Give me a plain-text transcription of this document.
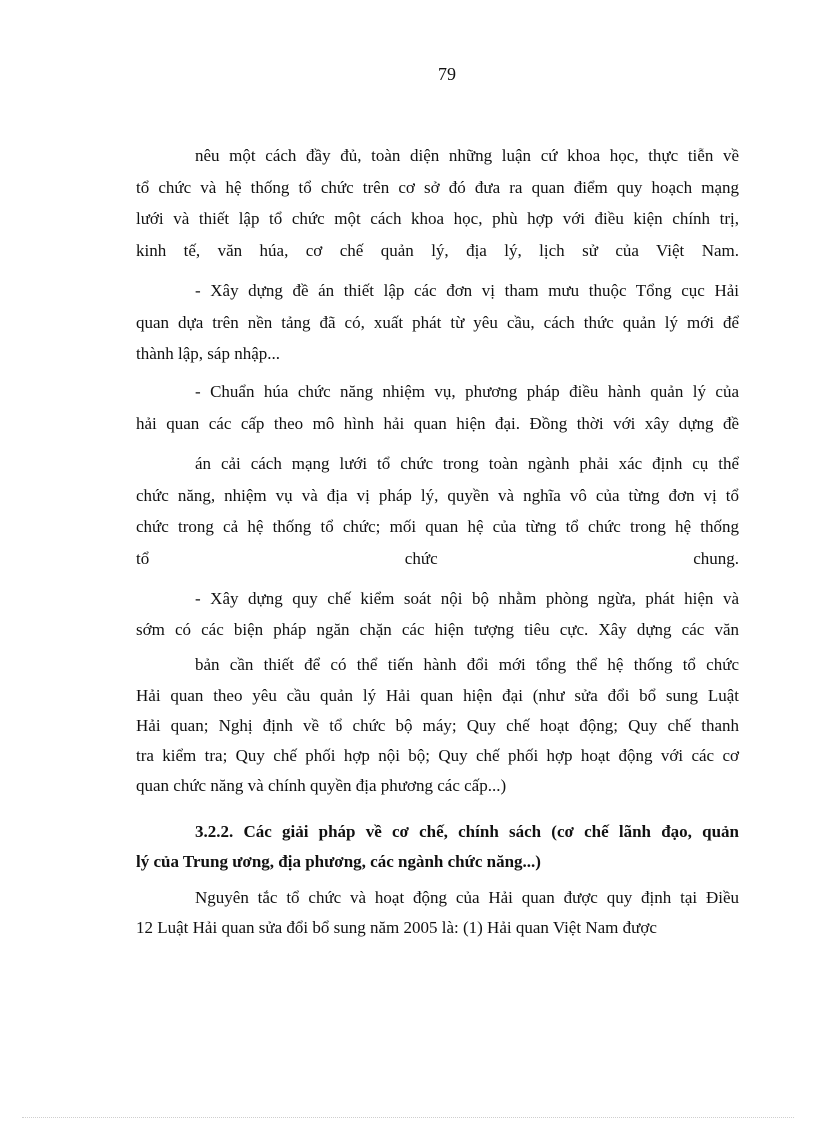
79
nêu một cách đầy đủ, toàn diện những luận cứ khoa học, thực tiễn về
tổ chức và hệ thống tổ chức trên cơ sở đó đưa ra quan điểm quy hoạch mạng
lưới và thiết lập tổ chức một cách khoa học, phù hợp với điều kiện chính trị,
kinh tế, văn húa, cơ chế quản lý, địa lý, lịch sử của Việt Nam.
- Xây dựng đề án thiết lập các đơn vị tham mưu thuộc Tổng cục Hải
quan dựa trên nền tảng đã có, xuất phát từ yêu cầu, cách thức quản lý mới để
thành lập, sáp nhập...
- Chuẩn húa chức năng nhiệm vụ, phương pháp điều hành quản lý của
hải quan các cấp theo mô hình hải quan hiện đại. Đồng thời với xây dựng đề
án cải cách mạng lưới tổ chức trong toàn ngành phải xác định cụ thể
chức năng, nhiệm vụ và địa vị pháp lý, quyền và nghĩa vô của từng đơn vị tổ
chức trong cả hệ thống tổ chức; mối quan hệ của từng tổ chức trong hệ thống
tổ chức chung.
- Xây dựng quy chế kiểm soát nội bộ nhằm phòng ngừa, phát hiện và
sớm có các biện pháp ngăn chặn các hiện tượng tiêu cực. Xây dựng các văn
bản cần thiết để có thể tiến hành đổi mới tổng thể hệ thống tổ chức
Hải quan theo yêu cầu quản lý Hải quan hiện đại (như sửa đổi bổ sung Luật
Hải quan; Nghị định về tổ chức bộ máy; Quy chế hoạt động; Quy chế thanh
tra kiểm tra; Quy chế phối hợp nội bộ; Quy chế phối hợp hoạt động với các cơ
quan chức năng và chính quyền địa phương các cấp...)
3.2.2. Các giải pháp về cơ chế, chính sách (cơ chế lãnh đạo, quản
lý của Trung ương, địa phương, các ngành chức năng...)
Nguyên tắc tổ chức và hoạt động của Hải quan được quy định tại Điều
12 Luật Hải quan sửa đổi bổ sung năm 2005 là: (1) Hải quan Việt Nam được
